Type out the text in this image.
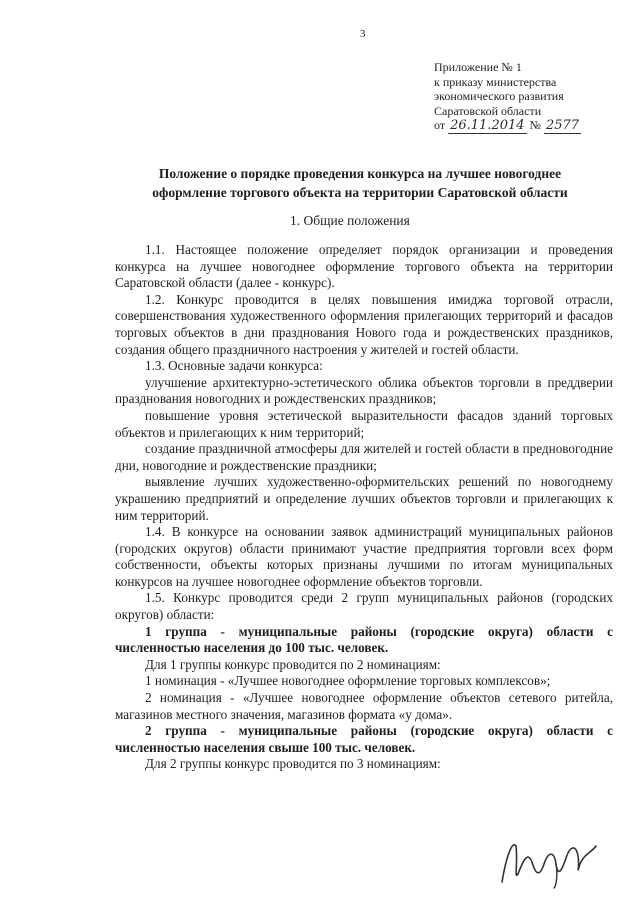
3
Приложение № 1
к приказу министерства
экономического развития
Саратовской области
от 26.11.2014 № 2577
Положение о порядке проведения конкурса на лучшее новогоднее
оформление торгового объекта на территории Саратовской области
1. Общие положения

1.1. Настоящее положение определяет порядок организации и проведения конкурса на лучшее новогоднее оформление торгового объекта на территории Саратовской области (далее - конкурс).

1.2. Конкурс проводится в целях повышения имиджа торговой отрасли, совершенствования художественного оформления прилегающих территорий и фасадов торговых объектов в дни празднования Нового года и рождественских праздников, создания общего праздничного настроения у жителей и гостей области.

1.3. Основные задачи конкурса:

улучшение архитектурно-эстетического облика объектов торговли в преддверии празднования новогодних и рождественских праздников;

повышение уровня эстетической выразительности фасадов зданий торговых объектов и прилегающих к ним территорий;

создание праздничной атмосферы для жителей и гостей области в предновогодние дни, новогодние и рождественские праздники;

выявление лучших художественно-оформительских решений по новогоднему украшению предприятий и определение лучших объектов торговли и прилегающих к ним территорий.

1.4. В конкурсе на основании заявок администраций муниципальных районов (городских округов) области принимают участие предприятия торговли всех форм собственности, объекты которых признаны лучшими по итогам муниципальных конкурсов на лучшее новогоднее оформление объектов торговли.

1.5. Конкурс проводится среди 2 групп муниципальных районов (городских округов) области:

1 группа - муниципальные районы (городские округа) области с численностью населения до 100 тыс. человек.

Для 1 группы конкурс проводится по 2 номинациям:

1 номинация - «Лучшее новогоднее оформление торговых комплексов»;

2 номинация - «Лучшее новогоднее оформление объектов сетевого ритейла, магазинов местного значения, магазинов формата «у дома».

2 группа - муниципальные районы (городские округа) области с численностью населения свыше 100 тыс. человек.

Для 2 группы конкурс проводится по 3 номинациям:
